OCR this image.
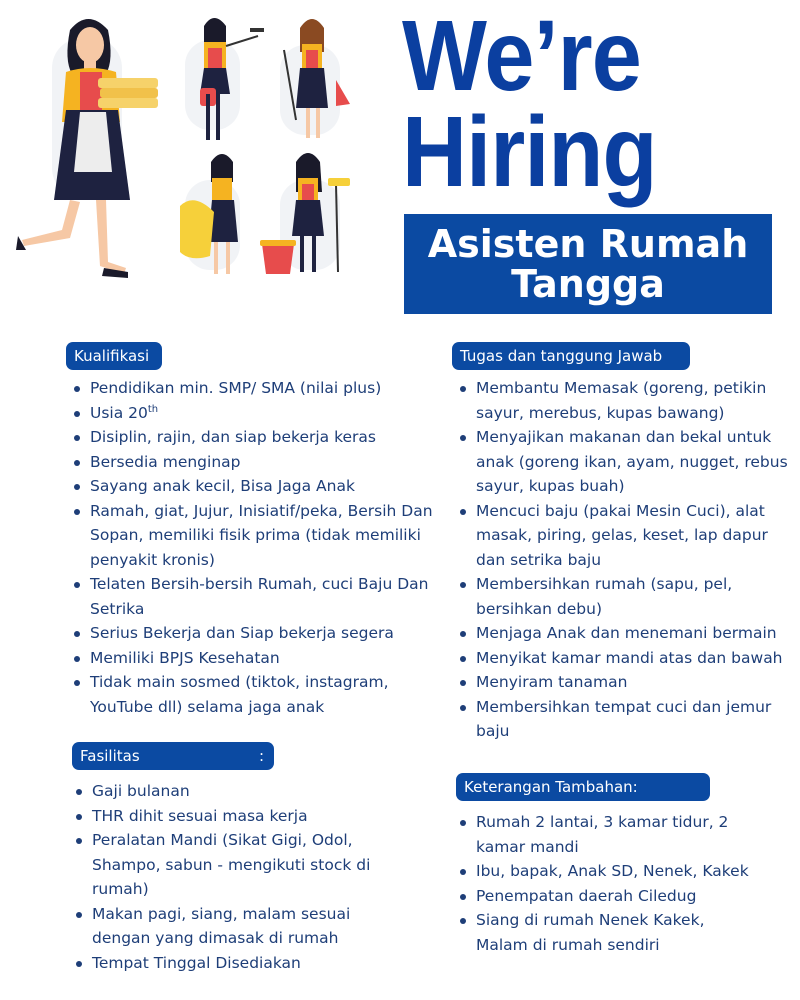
We’re
Hiring
Asisten Rumah
Tangga
Kualifikasi
Pendidikan min. SMP/ SMA (nilai plus)
Usia 20th
Disiplin, rajin, dan siap bekerja keras
Bersedia menginap
Sayang anak kecil, Bisa Jaga Anak
Ramah, giat, Jujur, Inisiatif/peka, Bersih Dan Sopan, memiliki fisik prima (tidak memiliki penyakit kronis)
Telaten Bersih-bersih Rumah, cuci Baju Dan Setrika
Serius Bekerja dan Siap bekerja segera
Memiliki BPJS Kesehatan
Tidak main sosmed (tiktok, instagram, YouTube dll) selama jaga anak
Fasilitas	:
Gaji bulanan
THR dihit sesuai masa kerja
Peralatan Mandi (Sikat Gigi, Odol, Shampo, sabun - mengikuti stock di rumah)
Makan pagi, siang, malam sesuai dengan yang dimasak di rumah
Tempat Tinggal Disediakan
Tugas dan tanggung Jawab
Membantu Memasak (goreng, petikin sayur, merebus, kupas bawang)
Menyajikan makanan dan bekal untuk anak (goreng ikan, ayam, nugget, rebus sayur, kupas buah)
Mencuci baju (pakai Mesin Cuci), alat masak, piring, gelas, keset, lap dapur dan setrika baju
Membersihkan rumah (sapu, pel, bersihkan debu)
Menjaga Anak dan menemani bermain
Menyikat kamar mandi atas dan bawah
Menyiram tanaman
Membersihkan tempat cuci dan jemur baju
Keterangan Tambahan:
Rumah 2 lantai, 3 kamar tidur, 2 kamar mandi
Ibu, bapak, Anak SD, Nenek, Kakek
Penempatan daerah Ciledug
Siang di rumah Nenek Kakek, Malam di rumah sendiri
